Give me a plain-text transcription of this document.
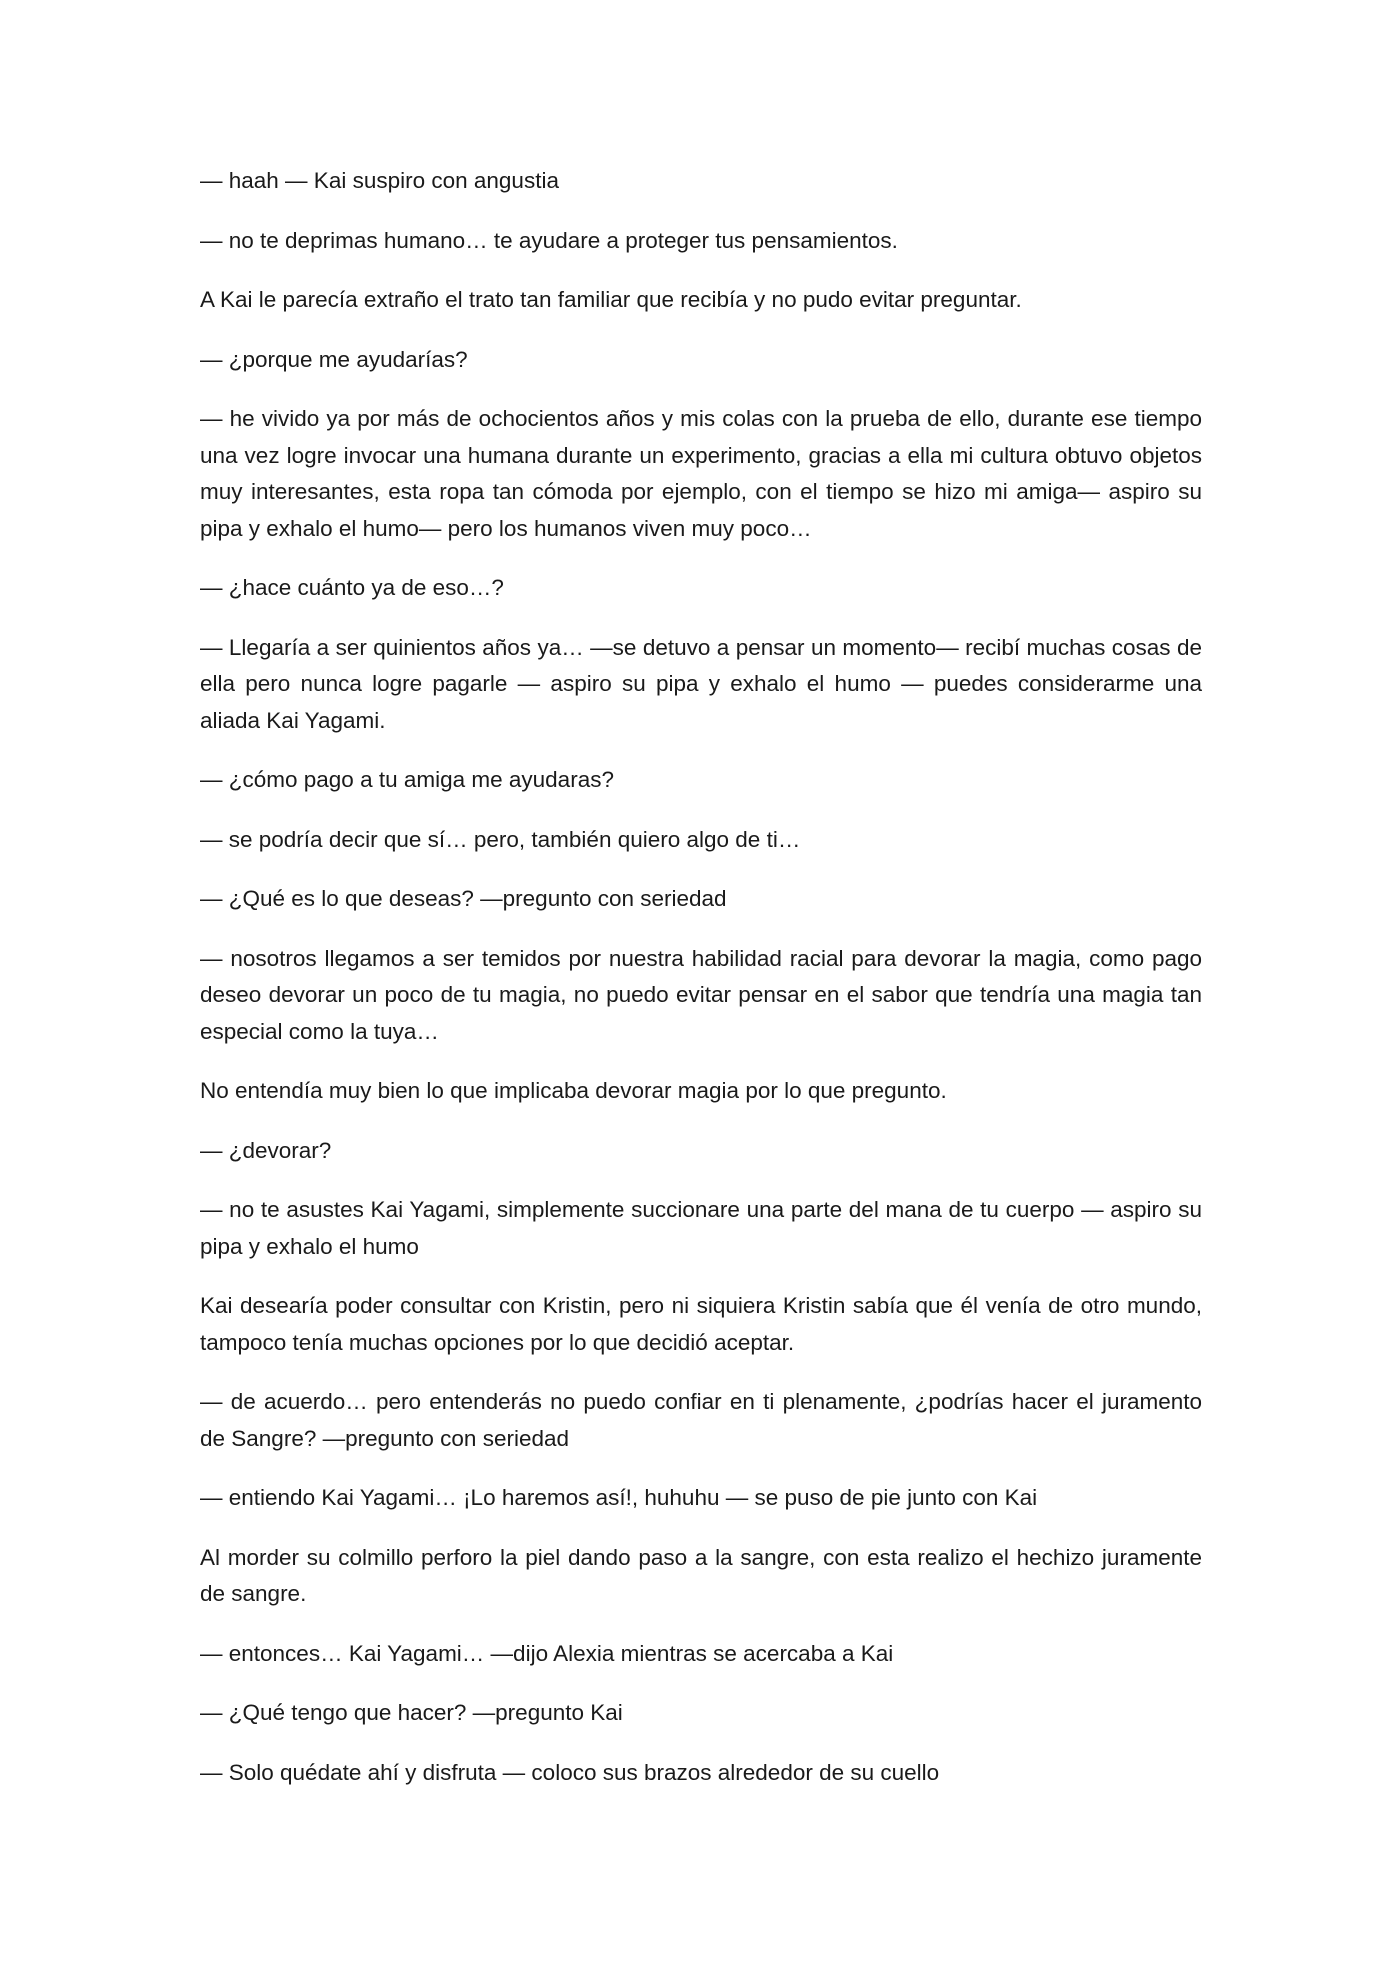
— haah — Kai suspiro con angustia

— no te deprimas humano… te ayudare a proteger tus pensamientos.

A Kai le parecía extraño el trato tan familiar que recibía y no pudo evitar preguntar.

— ¿porque me ayudarías?

— he vivido ya por más de ochocientos años y mis colas con la prueba de ello, durante ese tiempo una vez logre invocar una humana durante un experimento, gracias a ella mi cultura obtuvo objetos muy interesantes, esta ropa tan cómoda por ejemplo, con el tiempo se hizo mi amiga— aspiro su pipa y exhalo el humo— pero los humanos viven muy poco…

— ¿hace cuánto ya de eso…?

— Llegaría a ser quinientos años ya… —se detuvo a pensar un momento— recibí muchas cosas de ella pero nunca logre pagarle — aspiro su pipa y exhalo el humo — puedes considerarme una aliada Kai Yagami.

— ¿cómo pago a tu amiga me ayudaras?

— se podría decir que sí… pero, también quiero algo de ti…

— ¿Qué es lo que deseas? —pregunto con seriedad

— nosotros llegamos a ser temidos por nuestra habilidad racial para devorar la magia, como pago deseo devorar un poco de tu magia, no puedo evitar pensar en el sabor que tendría una magia tan especial como la tuya…

No entendía muy bien lo que implicaba devorar magia por lo que pregunto.

— ¿devorar?

— no te asustes Kai Yagami, simplemente succionare una parte del mana de tu cuerpo — aspiro su pipa y exhalo el humo

Kai desearía poder consultar con Kristin, pero ni siquiera Kristin sabía que él venía de otro mundo, tampoco tenía muchas opciones por lo que decidió aceptar.

— de acuerdo… pero entenderás no puedo confiar en ti plenamente, ¿podrías hacer el juramento de Sangre? —pregunto con seriedad

— entiendo Kai Yagami… ¡Lo haremos así!, huhuhu — se puso de pie junto con Kai

Al morder su colmillo perforo la piel dando paso a la sangre, con esta realizo el hechizo juramente de sangre.

— entonces… Kai Yagami… —dijo Alexia mientras se acercaba a Kai

— ¿Qué tengo que hacer? —pregunto Kai

— Solo quédate ahí y disfruta — coloco sus brazos alrededor de su cuello
